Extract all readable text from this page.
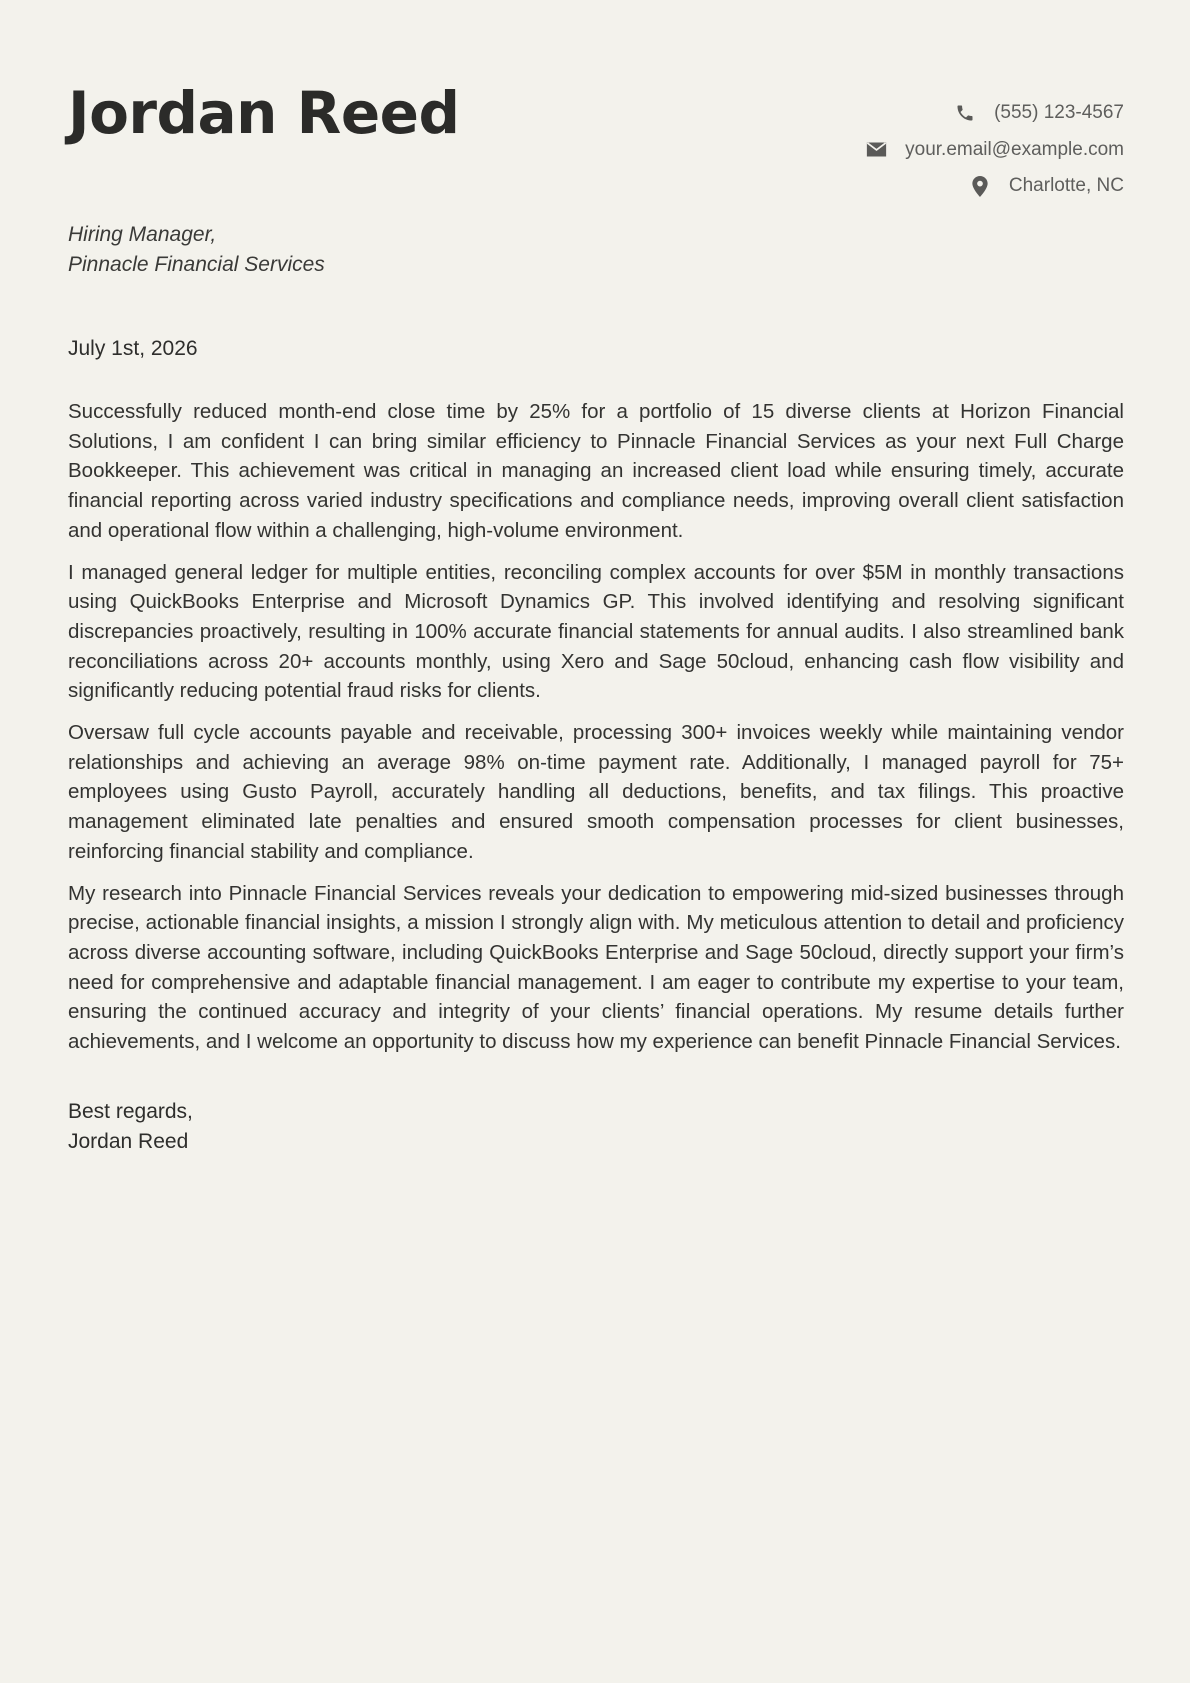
Jordan Reed	(555) 123-4567
your.email@example.com
Charlotte, NC
Hiring Manager,
Pinnacle Financial Services
July 1st, 2026

Successfully reduced month-end close time by 25% for a portfolio of 15 diverse clients at Horizon Financial Solutions, I am confident I can bring similar efficiency to Pinnacle Financial Services as your next Full Charge Bookkeeper. This achievement was critical in managing an increased client load while ensuring timely, accurate financial reporting across varied industry specifications and compliance needs, improving overall client satisfaction and operational flow within a challenging, high-volume environment.

I managed general ledger for multiple entities, reconciling complex accounts for over $5M in monthly transactions using QuickBooks Enterprise and Microsoft Dynamics GP. This involved identifying and resolving significant discrepancies proactively, resulting in 100% accurate financial statements for annual audits. I also streamlined bank reconciliations across 20+ accounts monthly, using Xero and Sage 50cloud, enhancing cash flow visibility and significantly reducing potential fraud risks for clients.

Oversaw full cycle accounts payable and receivable, processing 300+ invoices weekly while maintaining vendor relationships and achieving an average 98% on-time payment rate. Additionally, I managed payroll for 75+ employees using Gusto Payroll, accurately handling all deductions, benefits, and tax filings. This proactive management eliminated late penalties and ensured smooth compensation processes for client businesses, reinforcing financial stability and compliance.

My research into Pinnacle Financial Services reveals your dedication to empowering mid-sized businesses through precise, actionable financial insights, a mission I strongly align with. My meticulous attention to detail and proficiency across diverse accounting software, including QuickBooks Enterprise and Sage 50cloud, directly support your firm’s need for comprehensive and adaptable financial management. I am eager to contribute my expertise to your team, ensuring the continued accuracy and integrity of your clients’ financial operations. My resume details further achievements, and I welcome an opportunity to discuss how my experience can benefit Pinnacle Financial Services.

Best regards,
Jordan Reed
